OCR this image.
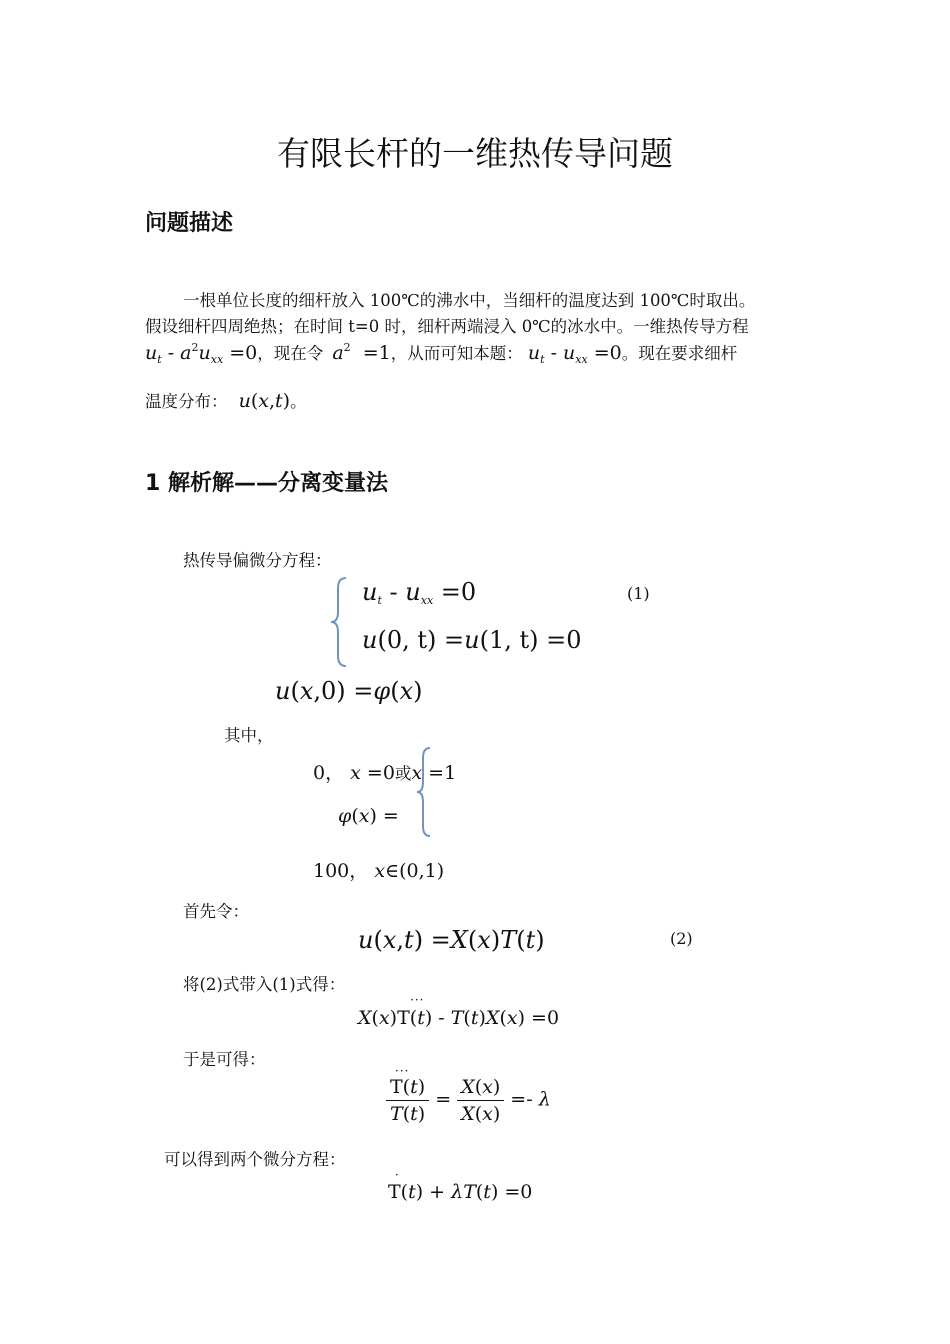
有限长杆的一维热传导问题
问题描述
一根单位长度的细杆放入 100℃的沸水中，当细杆的温度达到 100℃时取出。
假设细杆四周绝热；在时间 t=0 时，细杆两端浸入 0℃的冰水中。一维热传导方程
$u_t - a^2u_{xx} =0$，现在令 $a^2 =1$，从而可知本题： $u_t - u_{xx} =0$。现在要求细杆
温度分布： u(x,t)。
1 解析解——分离变量法
热传导偏微分方程：
$u_t - u_{xx} =0$
u(0, t) =u(1, t) =0
(1)
u(x,0) =φ(x)
其中，
0， x =0或x =1
φ(x) =
100， x∈(0,1)
首先令：
u(x,t) =X(x)T(t)	(2)
将(2)式带入(1)式得：
···
X(x)T(t) - T(t)X(x) =0
于是可得：
···
$\frac{T(t)}{T(t)} = \frac{X(x)}{X(x)} =- \lambda$
可以得到两个微分方程：
·
T(t) + λT(t) =0
